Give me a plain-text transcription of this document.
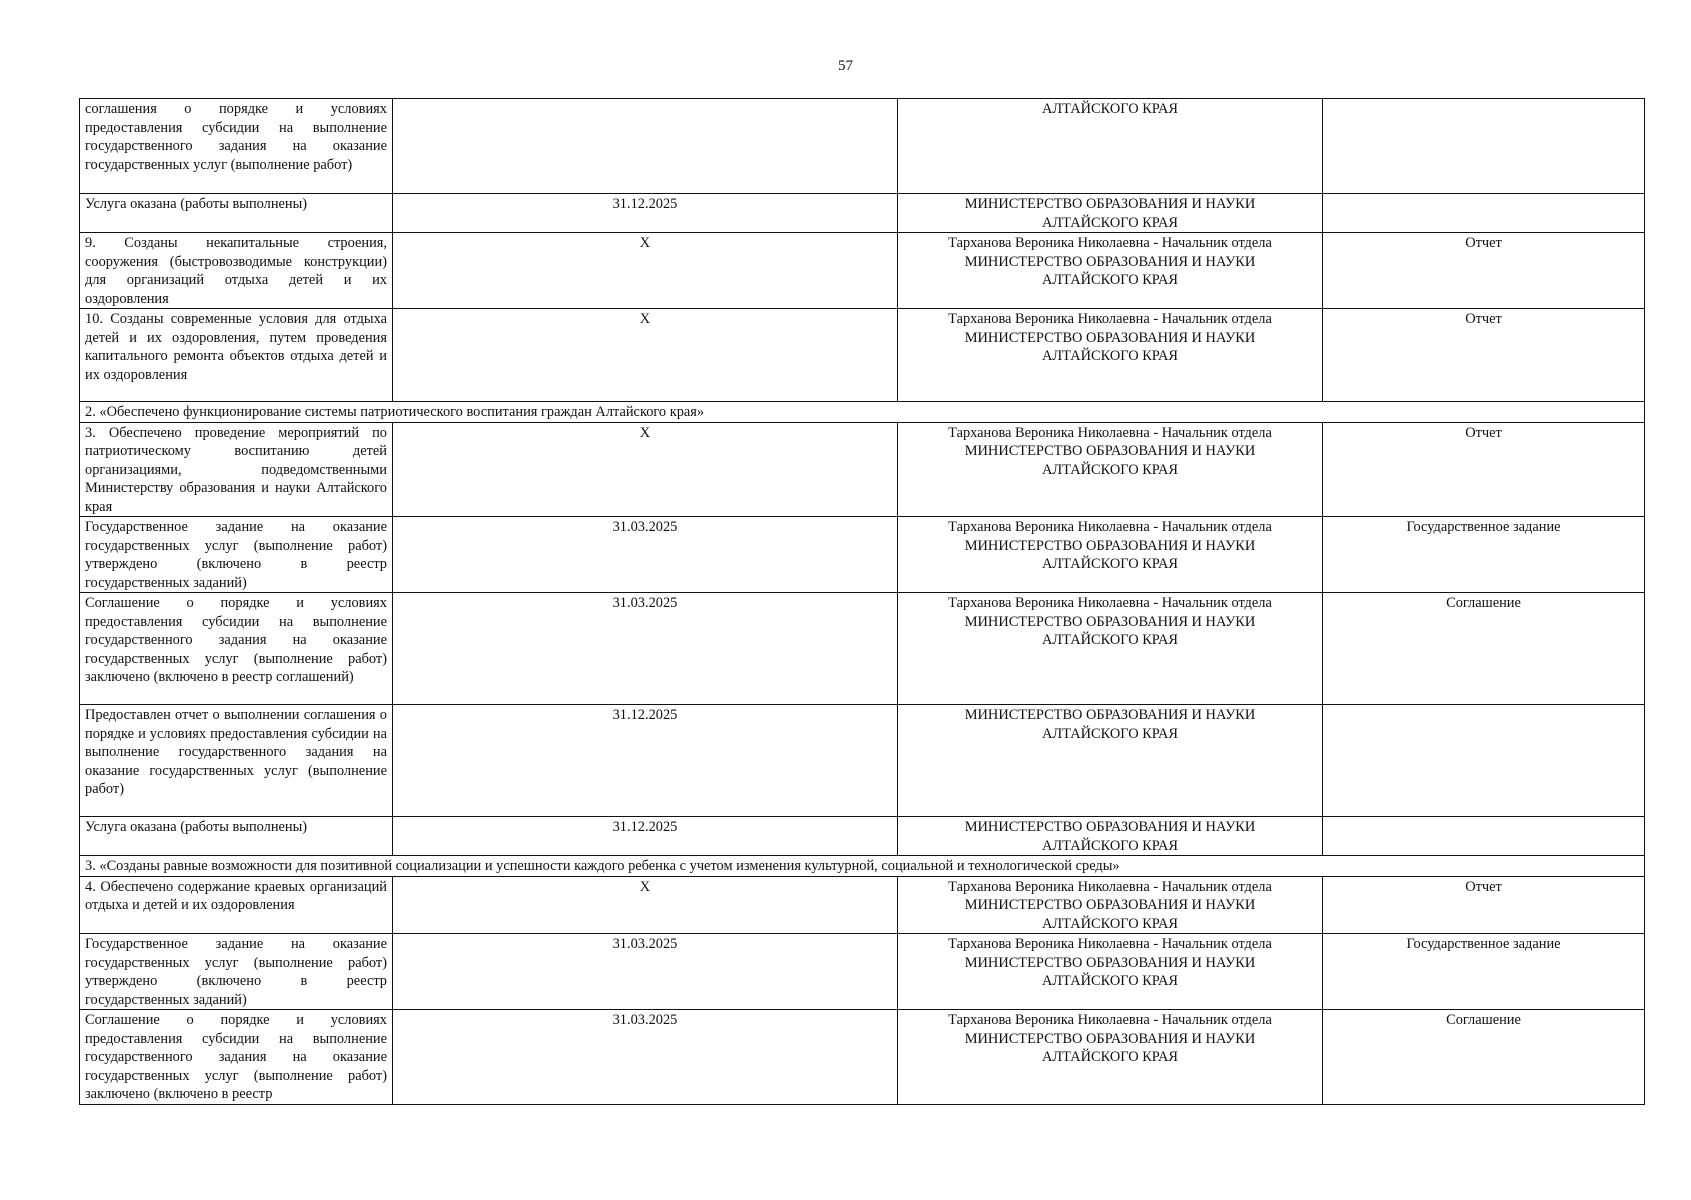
57
соглашения о порядке и условиях предоставления субсидии на выполнение государственного задания на оказание государственных услуг (выполнение работ)		АЛТАЙСКОГО КРАЯ	

Услуга оказана (работы выполнены)	31.12.2025	МИНИСТЕРСТВО ОБРАЗОВАНИЯ И НАУКИ
АЛТАЙСКОГО КРАЯ	

9. Созданы некапитальные строения, сооружения (быстровозводимые конструкции) для организаций отдыха детей и их оздоровления	X	Тарханова Вероника Николаевна - Начальник отдела
МИНИСТЕРСТВО ОБРАЗОВАНИЯ И НАУКИ
АЛТАЙСКОГО КРАЯ	Отчет
10. Созданы современные условия для отдыха детей и их оздоровления, путем проведения капитального ремонта объектов отдыха детей и их оздоровления	X	Тарханова Вероника Николаевна - Начальник отдела
МИНИСТЕРСТВО ОБРАЗОВАНИЯ И НАУКИ
АЛТАЙСКОГО КРАЯ	Отчет
2. «Обеспечено функционирование системы патриотического воспитания граждан Алтайского края»			
3. Обеспечено проведение мероприятий по патриотическому воспитанию детей организациями, подведомственными Министерству образования и науки Алтайского края	X	Тарханова Вероника Николаевна - Начальник отдела
МИНИСТЕРСТВО ОБРАЗОВАНИЯ И НАУКИ
АЛТАЙСКОГО КРАЯ	Отчет
Государственное задание на оказание государственных услуг (выполнение работ) утверждено (включено в реестр государственных заданий)	31.03.2025	Тарханова Вероника Николаевна - Начальник отдела
МИНИСТЕРСТВО ОБРАЗОВАНИЯ И НАУКИ
АЛТАЙСКОГО КРАЯ	Государственное задание
Соглашение о порядке и условиях предоставления субсидии на выполнение государственного задания на оказание государственных услуг (выполнение работ) заключено (включено в реестр соглашений)	31.03.2025	Тарханова Вероника Николаевна - Начальник отдела
МИНИСТЕРСТВО ОБРАЗОВАНИЯ И НАУКИ
АЛТАЙСКОГО КРАЯ	Соглашение
Предоставлен отчет о выполнении соглашения о порядке и условиях предоставления субсидии на выполнение государственного задания на оказание государственных услуг (выполнение работ)	31.12.2025	МИНИСТЕРСТВО ОБРАЗОВАНИЯ И НАУКИ
АЛТАЙСКОГО КРАЯ	

Услуга оказана (работы выполнены)	31.12.2025	МИНИСТЕРСТВО ОБРАЗОВАНИЯ И НАУКИ
АЛТАЙСКОГО КРАЯ	

3. «Созданы равные возможности для позитивной социализации и успешности каждого ребенка с учетом изменения культурной, социальной и технологической среды»			
4. Обеспечено содержание краевых организаций отдыха и детей и их оздоровления	X	Тарханова Вероника Николаевна - Начальник отдела
МИНИСТЕРСТВО ОБРАЗОВАНИЯ И НАУКИ
АЛТАЙСКОГО КРАЯ	Отчет
Государственное задание на оказание государственных услуг (выполнение работ) утверждено (включено в реестр государственных заданий)	31.03.2025	Тарханова Вероника Николаевна - Начальник отдела
МИНИСТЕРСТВО ОБРАЗОВАНИЯ И НАУКИ
АЛТАЙСКОГО КРАЯ	Государственное задание
Соглашение о порядке и условиях предоставления субсидии на выполнение государственного задания на оказание государственных услуг (выполнение работ) заключено (включено в реестр	31.03.2025	Тарханова Вероника Николаевна - Начальник отдела
МИНИСТЕРСТВО ОБРАЗОВАНИЯ И НАУКИ
АЛТАЙСКОГО КРАЯ	Соглашение
